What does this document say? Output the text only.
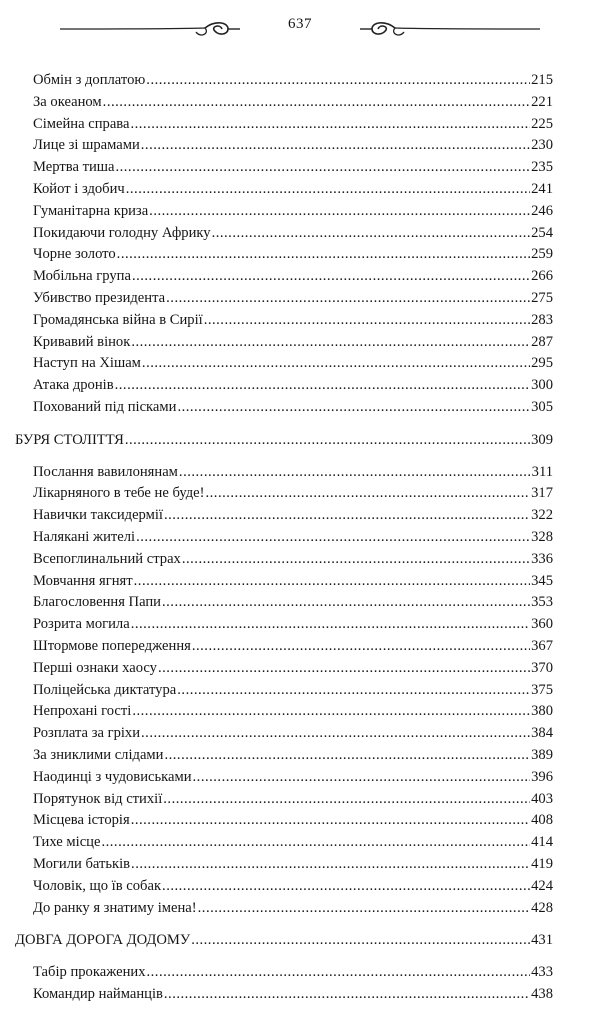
637
Обмін з доплатою .....	215
За океаном .....	221
Сімейна справа .....	225
Лице зі шрамами .....	230
Мертва тиша .....	235
Койот і здобич .....	241
Гуманітарна криза .....	246
Покидаючи голодну Африку .....	254
Чорне золото .....	259
Мобільна група .....	266
Убивство президента .....	275
Громадянська війна в Сирії .....	283
Кривавий вінок .....	287
Наступ на Хішам .....	295
Атака дронів .....	300
Похований під пісками .....	305
БУРЯ СТОЛІТТЯ .....	309
Послання вавилонянам .....	311
Лікарняного в тебе не буде! .....	317
Навички таксидермії .....	322
Налякані жителі .....	328
Всепоглинальний страх .....	336
Мовчання ягнят .....	345
Благословення Папи .....	353
Розрита могила .....	360
Штормове попередження .....	367
Перші ознаки хаосу .....	370
Поліцейська диктатура .....	375
Непрохані гості .....	380
Розплата за гріхи .....	384
За зниклими слідами .....	389
Наодинці з чудовиськами .....	396
Порятунок від стихії .....	403
Місцева історія .....	408
Тихе місце .....	414
Могили батьків .....	419
Чоловік, що їв собак .....	424
До ранку я знатиму імена! .....	428
ДОВГА ДОРОГА ДОДОМУ .....	431
Табір прокажених .....	433
Командир найманців .....	438
